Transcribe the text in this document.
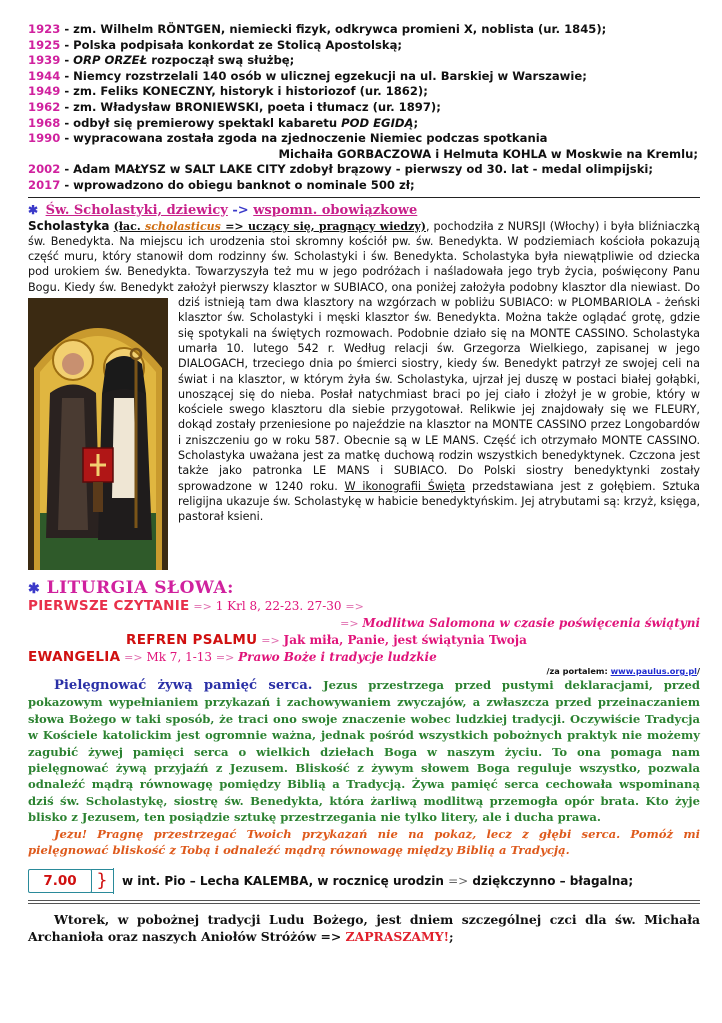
1923 - zm. Wilhelm RÖNTGEN, niemiecki fizyk, odkrywca promieni X, noblista (ur. 1845);
1925 - Polska podpisała konkordat ze Stolicą Apostolską;
1939 - ORP ORZEŁ rozpoczął swą służbę;
1944 - Niemcy rozstrzelali 140 osób w ulicznej egzekucji na ul. Barskiej w Warszawie;
1949 - zm. Feliks KONECZNY, historyk i historiozof (ur. 1862);
1962 - zm. Władysław BRONIEWSKI, poeta i tłumacz (ur. 1897);
1968 - odbył się premierowy spektakl kabaretu POD EGIDĄ;
1990 - wypracowana została zgoda na zjednoczenie Niemiec podczas spotkania
Michaiła GORBACZOWA i Helmuta KOHLA w Moskwie na Kremlu;
2002 - Adam MAŁYSZ w SALT LAKE CITY zdobył brązowy - pierwszy od 30. lat - medal olimpijski;
2017 - wprowadzono do obiegu banknot o nominale 500 zł;
✱ Św. Scholastyki, dziewicy -> wspomn. obowiązkowe
Scholastyka (łac. scholasticus => uczący się, pragnący wiedzy), pochodziła z NURSJI (Włochy) i była bliźniaczką św. Benedykta. Na miejscu ich urodzenia stoi skromny kościół pw. św. Benedykta. W podziemiach kościoła pokazują część muru, który stanowił dom rodzinny św. Scholastyki i św. Benedykta. Scholastyka była niewątpliwie od dziecka pod urokiem św. Benedykta. Towarzyszyła też mu w jego podróżach i naśladowała jego tryb życia, poświęcony Panu Bogu. Kiedy św. Benedykt założył pierwszy klasztor w SUBIACO, ona poniżej założyła podobny klasztor dla niewiast. Do dziś istnieją tam dwa klasztory na wzgórzach w pobliżu SUBIACO:
w PLOMBARIOLA - żeński klasztor św. Scholastyki i męski klasztor św. Benedykta. Można także oglądać grotę, gdzie się spotykali na świętych rozmowach. Podobnie działo się na MONTE CASSINO. Scholastyka umarła 10. lutego 542 r. Według relacji św. Grzegorza Wielkiego, zapisanej w jego DIALOGACH, trzeciego dnia po śmierci siostry, kiedy św. Benedykt patrzył ze swojej celi na świat i na klasztor, w którym żyła św. Scholastyka, ujrzał jej duszę w postaci białej gołąbki, unoszącej się do nieba. Posłał natychmiast braci po jej ciało i złożył je w grobie, który w kościele swego klasztoru dla siebie przygotował. Relikwie jej znajdowały się we FLEURY, dokąd zostały przeniesione po najeździe na klasztor na MONTE CASSINO przez Longobardów i zniszczeniu go w roku 587. Obecnie są w LE MANS. Część ich otrzymało MONTE CASSINO. Scholastyka uważana jest za matkę duchową rodzin wszystkich benedyktynek. Czczona jest także jako patronka LE MANS i SUBIACO. Do Polski siostry benedyktynki zostały sprowadzone w 1240 roku. W ikonografii Święta przedstawiana jest z gołębiem. Sztuka religijna ukazuje św. Scholastykę w habicie benedyktyńskim. Jej atrybutami są: krzyż, księga, pastorał ksieni.
✱ LITURGIA SŁOWA:
PIERWSZE CZYTANIE => 1 Krl 8, 22-23. 27-30 =>
=> Modlitwa Salomona w czasie poświęcenia świątyni
REFREN PSALMU => Jak miła, Panie, jest świątynia Twoja
EWANGELIA => Mk 7, 1-13 => Prawo Boże i tradycje ludzkie
/za portalem: www.paulus.org.pl/
Pielęgnować żywą pamięć serca. Jezus przestrzega przed pustymi deklaracjami, przed pokazowym wypełnianiem przykazań i zachowywaniem zwyczajów, a zwłaszcza przed przeinaczaniem słowa Bożego w taki sposób, że traci ono swoje znaczenie wobec ludzkiej tradycji. Oczywiście Tradycja w Kościele katolickim jest ogromnie ważna, jednak pośród wszystkich pobożnych praktyk nie możemy zagubić żywej pamięci serca o wielkich dziełach Boga w naszym życiu. To ona pomaga nam pielęgnować żywą przyjaźń z Jezusem. Bliskość z żywym słowem Boga reguluje wszystko, pozwala odnaleźć mądrą równowagę pomiędzy Biblią a Tradycją. Żywa pamięć serca cechowała wspominaną dziś św. Scholastykę, siostrę św. Benedykta, która żarliwą modlitwą przemogła opór brata. Kto żyje blisko z Jezusem, ten posiądzie sztukę przestrzegania nie tylko litery, ale i ducha prawa.
Jezu! Pragnę przestrzegać Twoich przykazań nie na pokaz, lecz z głębi serca. Pomóż mi pielęgnować bliskość z Tobą i odnaleźć mądrą równowagę między Biblią a Tradycją.
7.00	}	w int. Pio – Lecha KALEMBA, w rocznicę urodzin => dziękczynno – błagalna;
Wtorek, w pobożnej tradycji Ludu Bożego, jest dniem szczególnej czci dla św. Michała Archanioła oraz naszych Aniołów Stróżów => ZAPRASZAMY!;
